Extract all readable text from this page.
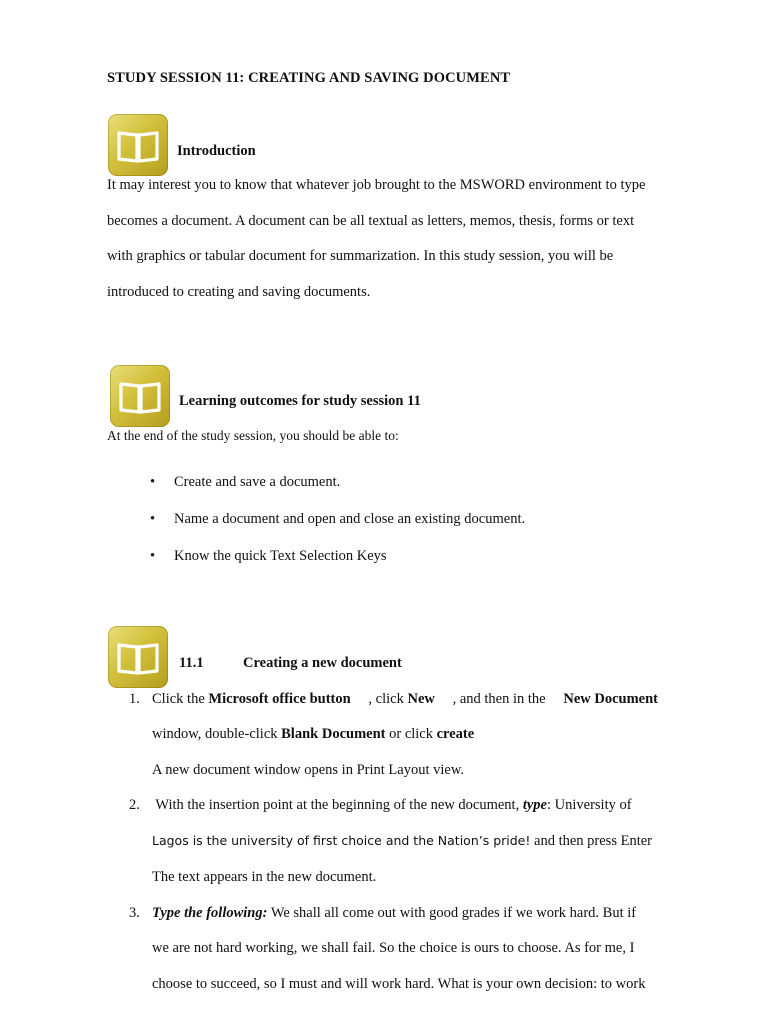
STUDY SESSION 11: CREATING AND SAVING DOCUMENT
Introduction
It may interest you to know that whatever job brought to the MSWORD environment to type
becomes a document. A document can be all textual as letters, memos, thesis, forms or text
with graphics or tabular document for summarization. In this study session, you will be
introduced to creating and saving documents.
Learning outcomes for study session 11
At the end of the study session, you should be able to:
• Create and save a document.
• Name a document and open and close an existing document.
• Know the quick Text Selection Keys
11.1	Creating a new document
1. Click the Microsoft office button , click New , and then in the New Document
window, double-click Blank Document or click create
A new document window opens in Print Layout view.
2. With the insertion point at the beginning of the new document, type: University of
Lagos is the university of first choice and the Nation’s pride! and then press Enter
The text appears in the new document.
3. Type the following: We shall all come out with good grades if we work hard. But if
we are not hard working, we shall fail. So the choice is ours to choose. As for me, I
choose to succeed, so I must and will work hard. What is your own decision: to work
